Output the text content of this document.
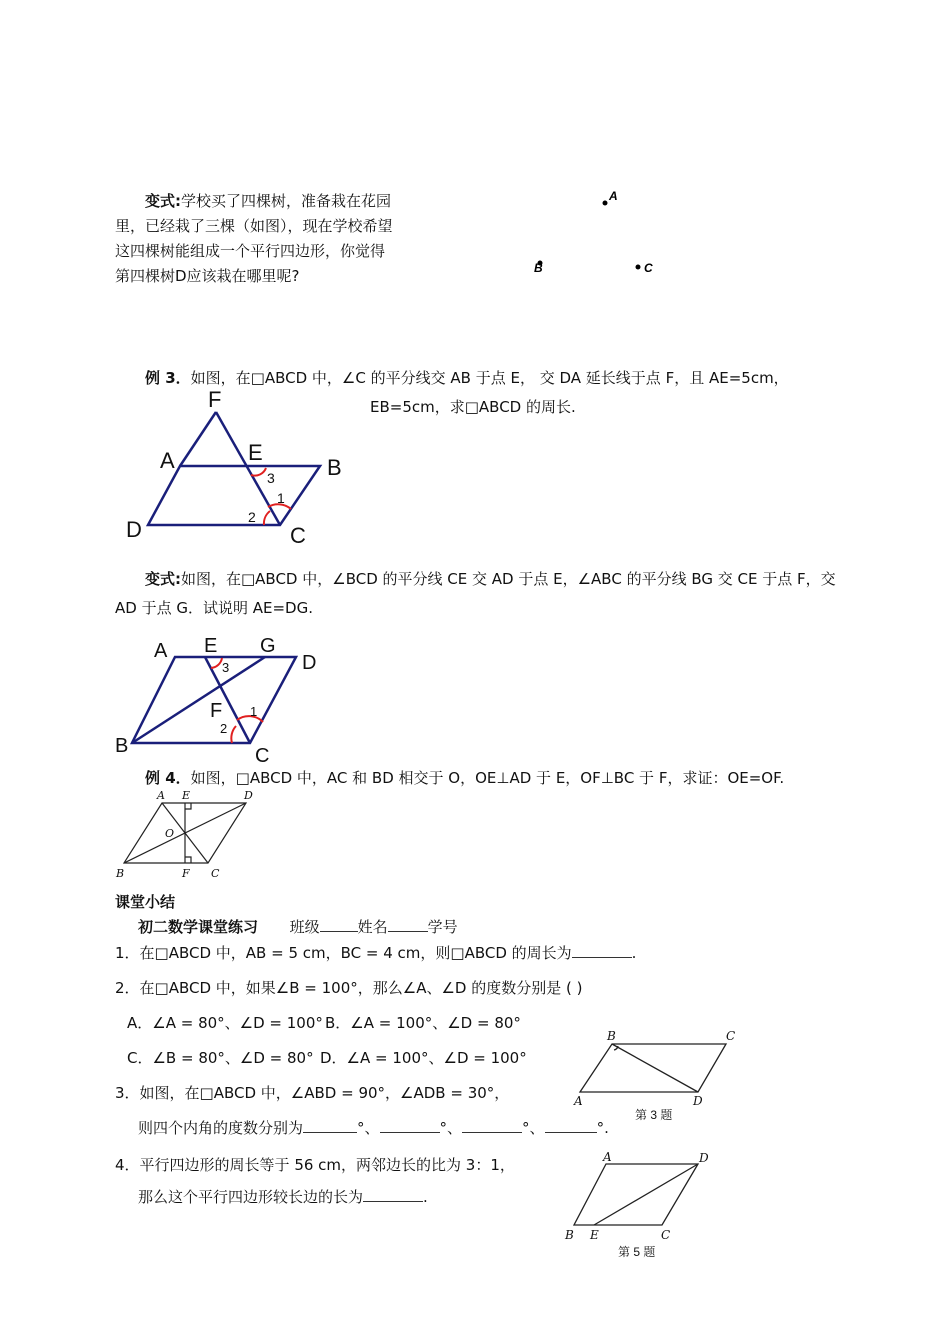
变式:学校买了四棵树，准备栽在花园
里，已经栽了三棵（如图），现在学校希望
这四棵树能组成一个平行四边形，你觉得
第四棵树D应该栽在哪里呢?
A
B	C
例 3．如图，在□ABCD 中，∠C 的平分线交 AB 于点 E， 交 DA 延长线于点 F，且 AE=5cm，
EB=5cm，求□ABCD 的周长.
F
A	E
B
D	C
3
1
2
变式:如图，在□ABCD 中，∠BCD 的平分线 CE 交 AD 于点 E，∠ABC 的平分线 BG 交 CE 于点 F，交
AD 于点 G．试说明 AE=DG.
A E G
D
F
B	C
3
1
2
例 4．如图，□ABCD 中，AC 和 BD 相交于 O，OE⊥AD 于 E，OF⊥BC 于 F，求证：OE=OF.
A E	D
O
B	F C
课堂小结
初二数学课堂练习 班级	姓名	学号
1．在□ABCD 中，AB = 5 cm，BC = 4 cm，则□ABCD 的周长为	.
2．在□ABCD 中，如果∠B = 100°，那么∠A、∠D 的度数分别是 ( )
A．∠A = 80°、∠D = 100° B．∠A = 100°、∠D = 80°
C．∠B = 80°、∠D = 80° D．∠A = 100°、∠D = 100°
3．如图，在□ABCD 中，∠ABD = 90°，∠ADB = 30°，
则四个内角的度数分别为	°、	°、	°、	°.
B	C
A	D
第 3 题
4．平行四边形的周长等于 56 cm，两邻边长的比为 3：1，
那么这个平行四边形较长边的长为	.
A	D
B E	C
第 5 题
